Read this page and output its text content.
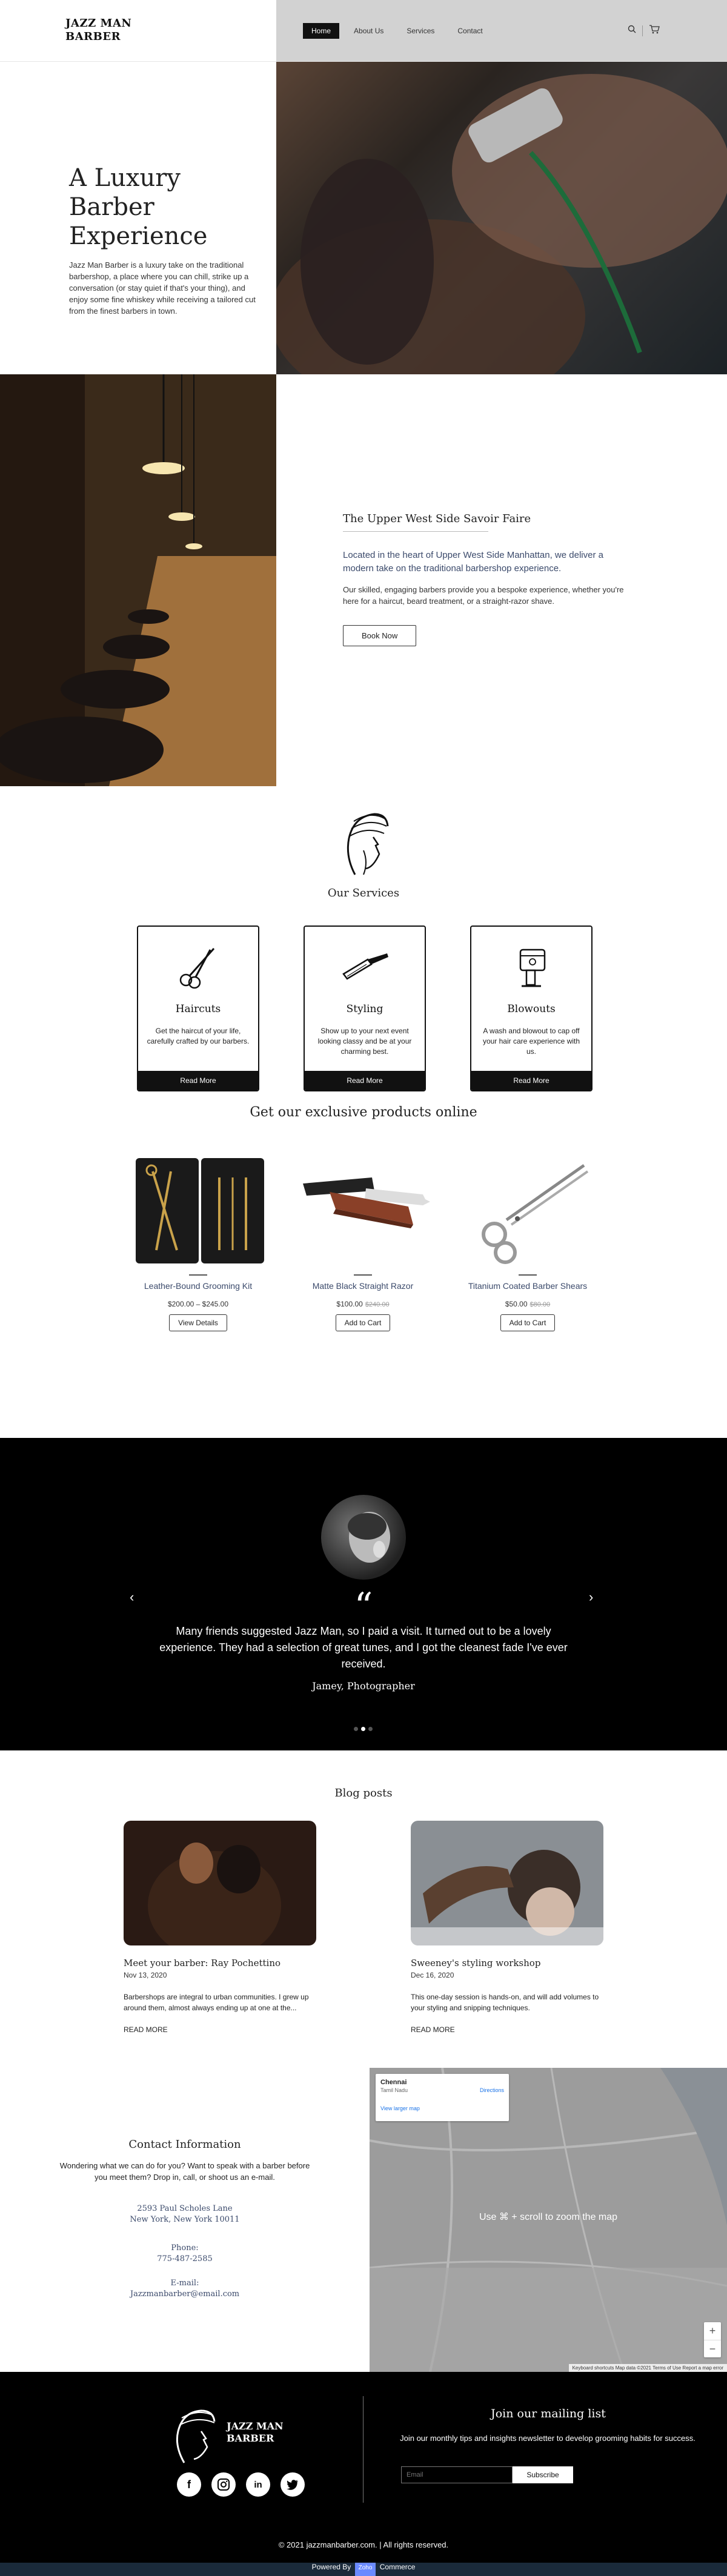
JAZZ MAN
BARBER	Home	About Us	Services	Contact
A Luxury
Barber
Experience

Jazz Man Barber is a luxury take on the traditional barbershop, a place where you can chill, strike up a conversation (or stay quiet if that's your thing), and enjoy some fine whiskey while receiving a tailored cut from the finest barbers in town.

The Upper West Side Savoir Faire

Located in the heart of Upper West Side Manhattan, we deliver a modern take on the traditional barbershop experience.

Our skilled, engaging barbers provide you a bespoke experience, whether you're here for a haircut, beard treatment, or a straight-razor shave.

Book Now
Our Services
Haircuts

Get the haircut of your life, carefully crafted by our barbers.

Read More
Styling

Show up to your next event looking classy and be at your charming best.

Read More
Blowouts

A wash and blowout to cap off your hair care experience with us.

Read More
Get our exclusive products online
Leather-Bound Grooming Kit
$200.00 – $245.00
View Details
Matte Black Straight Razor
$100.00 $240.00
Add to Cart
Titanium Coated Barber Shears
$50.00 $80.00
Add to Cart
“

Many friends suggested Jazz Man, so I paid a visit. It turned out to be a lovely experience. They had a selection of great tunes, and I got the cleanest fade I've ever received.

Jamey, Photographer
‹	›
Blog posts
Meet your barber: Ray Pochettino
Nov 13, 2020

Barbershops are integral to urban communities. I grew up around them, almost always ending up at one at the...

READ MORE
Sweeney's styling workshop
Dec 16, 2020

This one-day session is hands-on, and will add volumes to your styling and snipping techniques.

READ MORE
Contact Information

Wondering what we can do for you? Want to speak with a barber before you meet them? Drop in, call, or shoot us an e-mail.

2593 Paul Scholes Lane
New York, New York 10011
Phone:
775-487-2585
E-mail:
Jazzmanbarber@email.com
Chennai
Tamil Nadu	Directions
View larger map
Use ⌘ + scroll to zoom the map
+
−
Keyboard shortcuts Map data ©2021 Terms of Use Report a map error
JAZZ MAN
BARBER
f	in
Join our mailing list

Join our monthly tips and insights newsletter to develop grooming habits for success.

Email
Subscribe
© 2021 jazzmanbarber.com. | All rights reserved.
Powered By Zoho Commerce
